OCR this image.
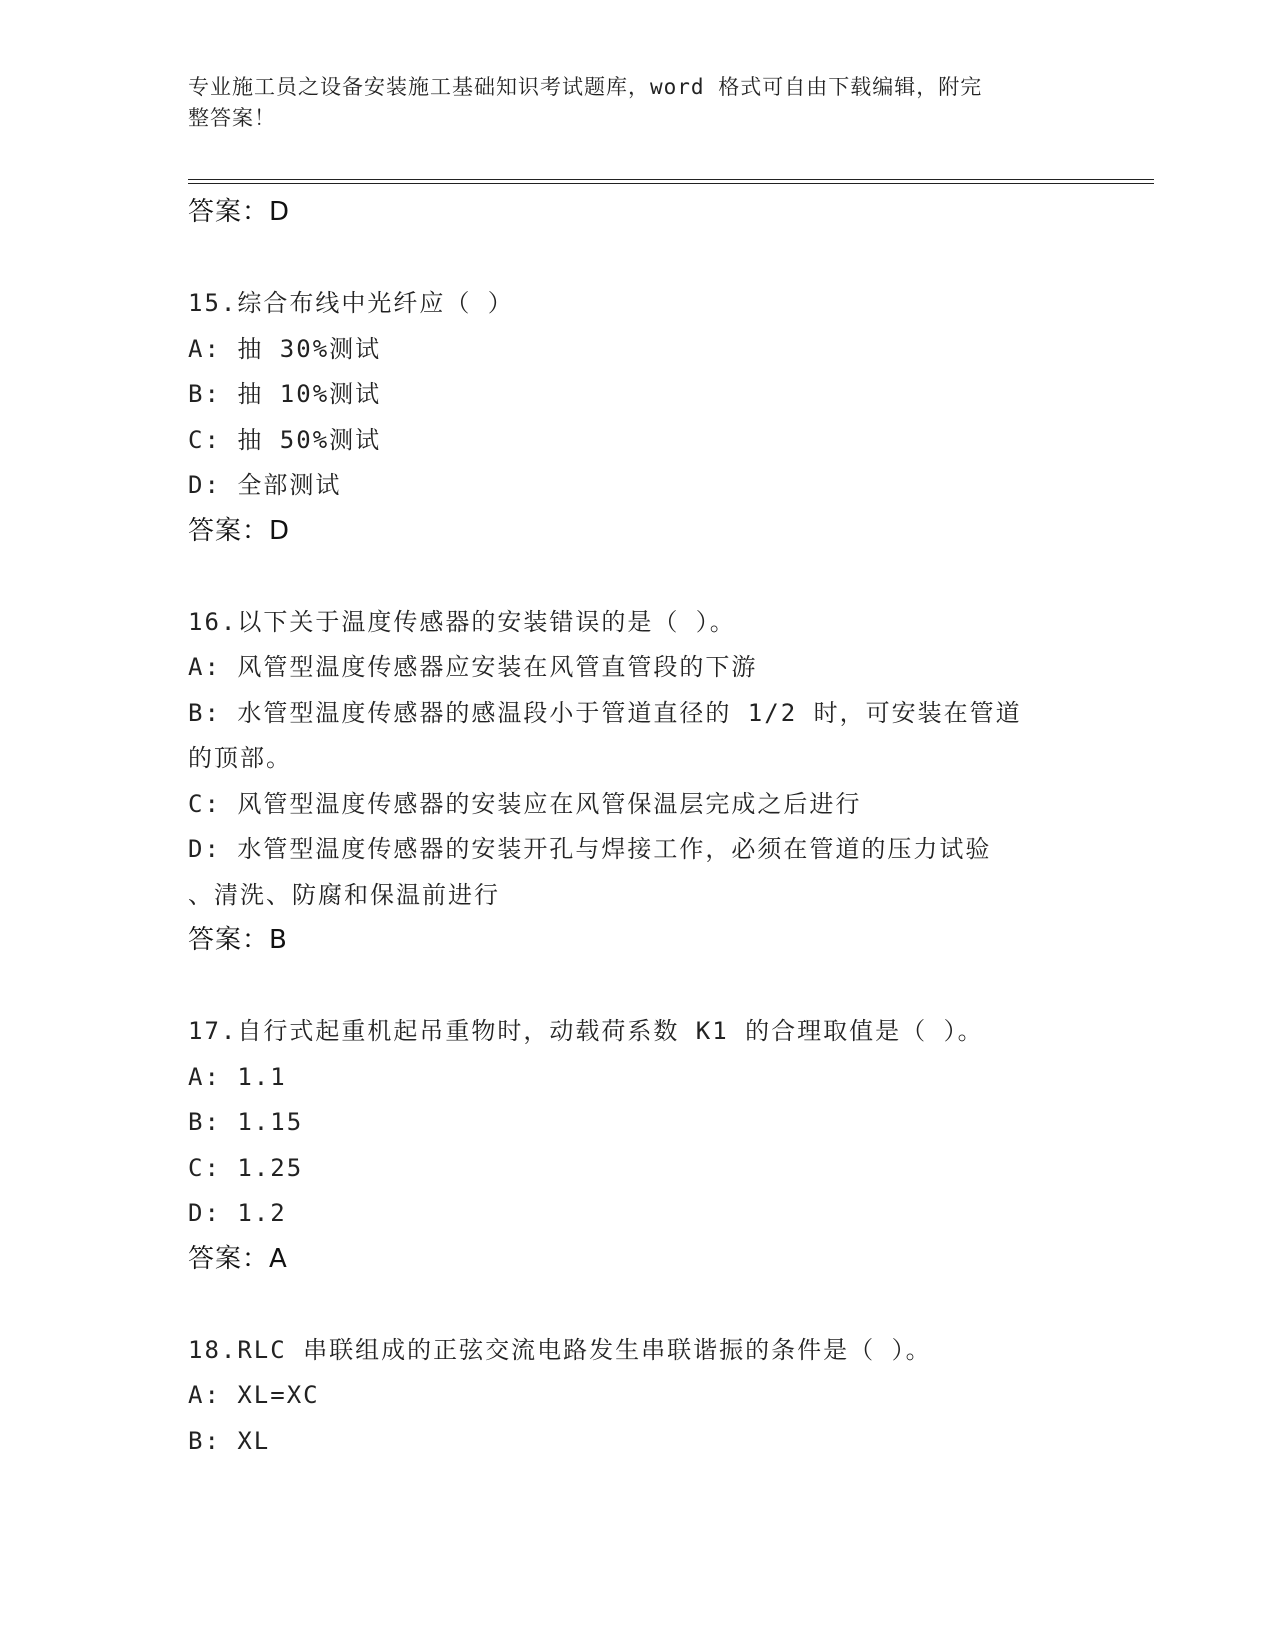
专业施工员之设备安装施工基础知识考试题库，word 格式可自由下载编辑，附完
整答案！
答案：D
15.综合布线中光纤应（ ）
A: 抽 30%测试
B: 抽 10%测试
C: 抽 50%测试
D: 全部测试
答案：D
16.以下关于温度传感器的安装错误的是（ ）。
A: 风管型温度传感器应安装在风管直管段的下游
B: 水管型温度传感器的感温段小于管道直径的 1/2 时，可安装在管道
的顶部。
C: 风管型温度传感器的安装应在风管保温层完成之后进行
D: 水管型温度传感器的安装开孔与焊接工作，必须在管道的压力试验
、清洗、防腐和保温前进行
答案：B
17.自行式起重机起吊重物时，动载荷系数 K1 的合理取值是（ ）。
A: 1.1
B: 1.15
C: 1.25
D: 1.2
答案：A
18.RLC 串联组成的正弦交流电路发生串联谐振的条件是（ ）。
A: XL=XC
B: XL
